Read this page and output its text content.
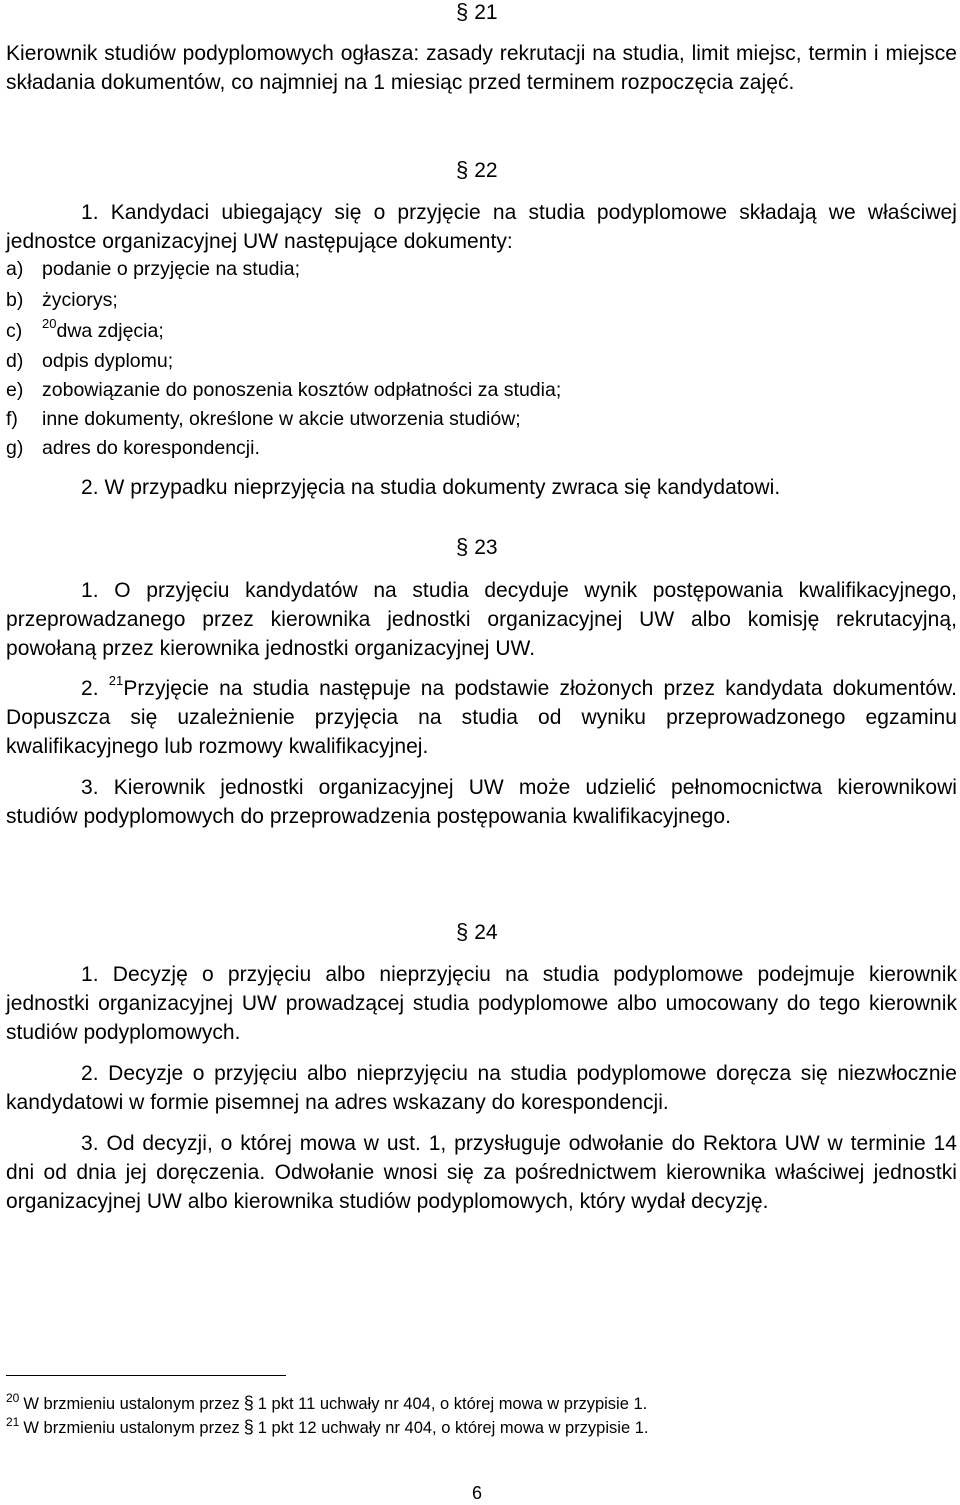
§ 21
Kierownik studiów podyplomowych ogłasza: zasady rekrutacji na studia, limit miejsc, termin i miejsce składania dokumentów, co najmniej na 1 miesiąc przed terminem rozpoczęcia zajęć.
§ 22
1. Kandydaci ubiegający się o przyjęcie na studia podyplomowe składają we właściwej jednostce organizacyjnej UW następujące dokumenty:
a) podanie o przyjęcie na studia;
b) życiorys;
c) $^{20}$dwa zdjęcia;
d) odpis dyplomu;
e) zobowiązanie do ponoszenia kosztów odpłatności za studia;
f) inne dokumenty, określone w akcie utworzenia studiów;
g) adres do korespondencji.
2. W przypadku nieprzyjęcia na studia dokumenty zwraca się kandydatowi.
§ 23
1. O przyjęciu kandydatów na studia decyduje wynik postępowania kwalifikacyjnego, przeprowadzanego przez kierownika jednostki organizacyjnej UW albo komisję rekrutacyjną, powołaną przez kierownika jednostki organizacyjnej UW.
2. $^{21}$Przyjęcie na studia następuje na podstawie złożonych przez kandydata dokumentów. Dopuszcza się uzależnienie przyjęcia na studia od wyniku przeprowadzonego egzaminu kwalifikacyjnego lub rozmowy kwalifikacyjnej.
3. Kierownik jednostki organizacyjnej UW może udzielić pełnomocnictwa kierownikowi studiów podyplomowych do przeprowadzenia postępowania kwalifikacyjnego.
§ 24
1. Decyzję o przyjęciu albo nieprzyjęciu na studia podyplomowe podejmuje kierownik jednostki organizacyjnej UW prowadzącej studia podyplomowe albo umocowany do tego kierownik studiów podyplomowych.
2. Decyzje o przyjęciu albo nieprzyjęciu na studia podyplomowe doręcza się niezwłocznie kandydatowi w formie pisemnej na adres wskazany do korespondencji.
3. Od decyzji, o której mowa w ust. 1, przysługuje odwołanie do Rektora UW w terminie 14 dni od dnia jej doręczenia. Odwołanie wnosi się za pośrednictwem kierownika właściwej jednostki organizacyjnej UW albo kierownika studiów podyplomowych, który wydał decyzję.
$^{20}$ W brzmieniu ustalonym przez § 1 pkt 11 uchwały nr 404, o której mowa w przypisie 1.
$^{21}$ W brzmieniu ustalonym przez § 1 pkt 12 uchwały nr 404, o której mowa w przypisie 1.
6
